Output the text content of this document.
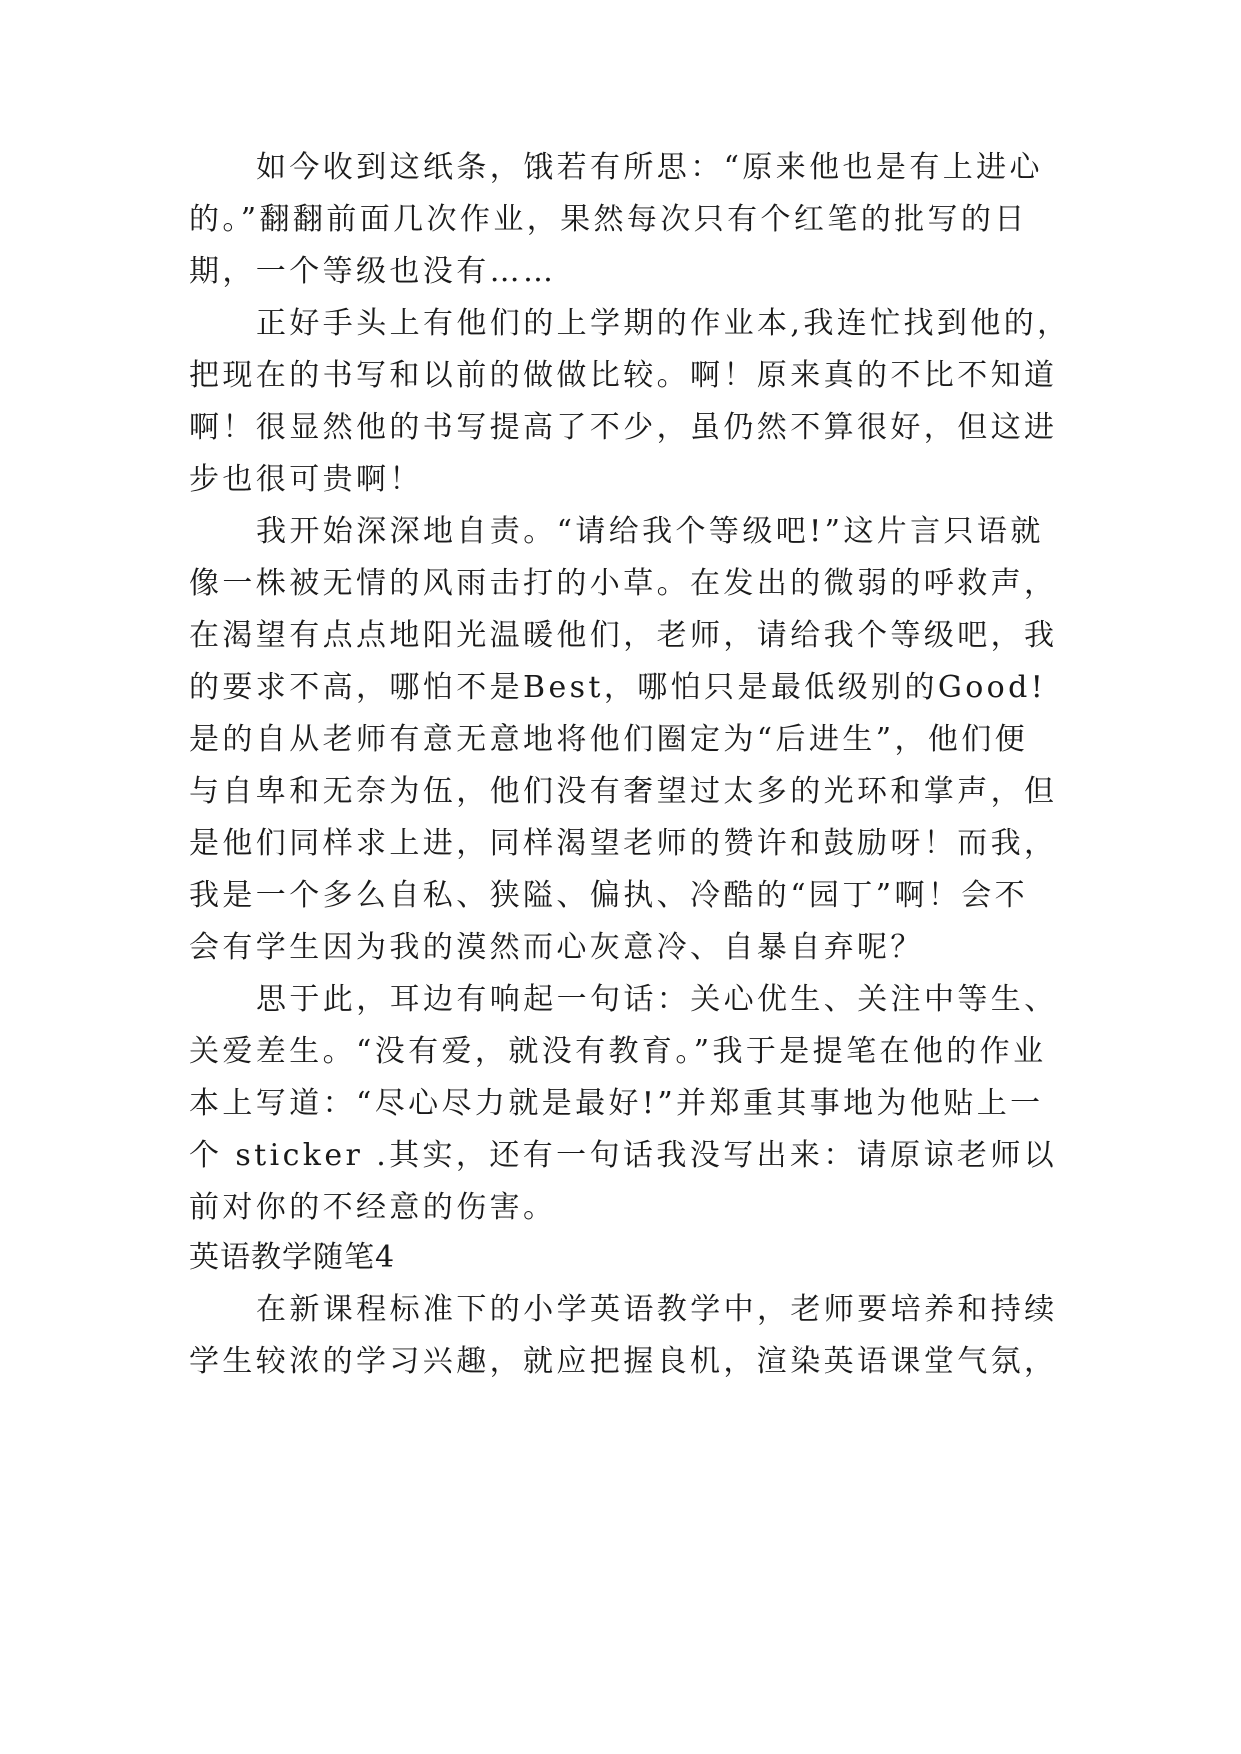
如今收到这纸条，饿若有所思：“原来他也是有上进心
的。”翻翻前面几次作业，果然每次只有个红笔的批写的日
期，一个等级也没有……
正好手头上有他们的上学期的作业本,我连忙找到他的，
把现在的书写和以前的做做比较。啊！原来真的不比不知道
啊！很显然他的书写提高了不少，虽仍然不算很好，但这进
步也很可贵啊！
我开始深深地自责。“请给我个等级吧!”这片言只语就
像一株被无情的风雨击打的小草。在发出的微弱的呼救声，
在渴望有点点地阳光温暖他们，老师，请给我个等级吧，我
的要求不高，哪怕不是Best，哪怕只是最低级别的Good!
是的自从老师有意无意地将他们圈定为“后进生”，他们便
与自卑和无奈为伍，他们没有奢望过太多的光环和掌声，但
是他们同样求上进，同样渴望老师的赞许和鼓励呀！而我，
我是一个多么自私、狭隘、偏执、冷酷的“园丁”啊！会不
会有学生因为我的漠然而心灰意冷、自暴自弃呢？
思于此，耳边有响起一句话：关心优生、关注中等生、
关爱差生。“没有爱，就没有教育。”我于是提笔在他的作业
本上写道：“尽心尽力就是最好!”并郑重其事地为他贴上一
个 sticker .其实，还有一句话我没写出来：请原谅老师以
前对你的不经意的伤害。
英语教学随笔4
在新课程标准下的小学英语教学中，老师要培养和持续
学生较浓的学习兴趣，就应把握良机，渲染英语课堂气氛，
